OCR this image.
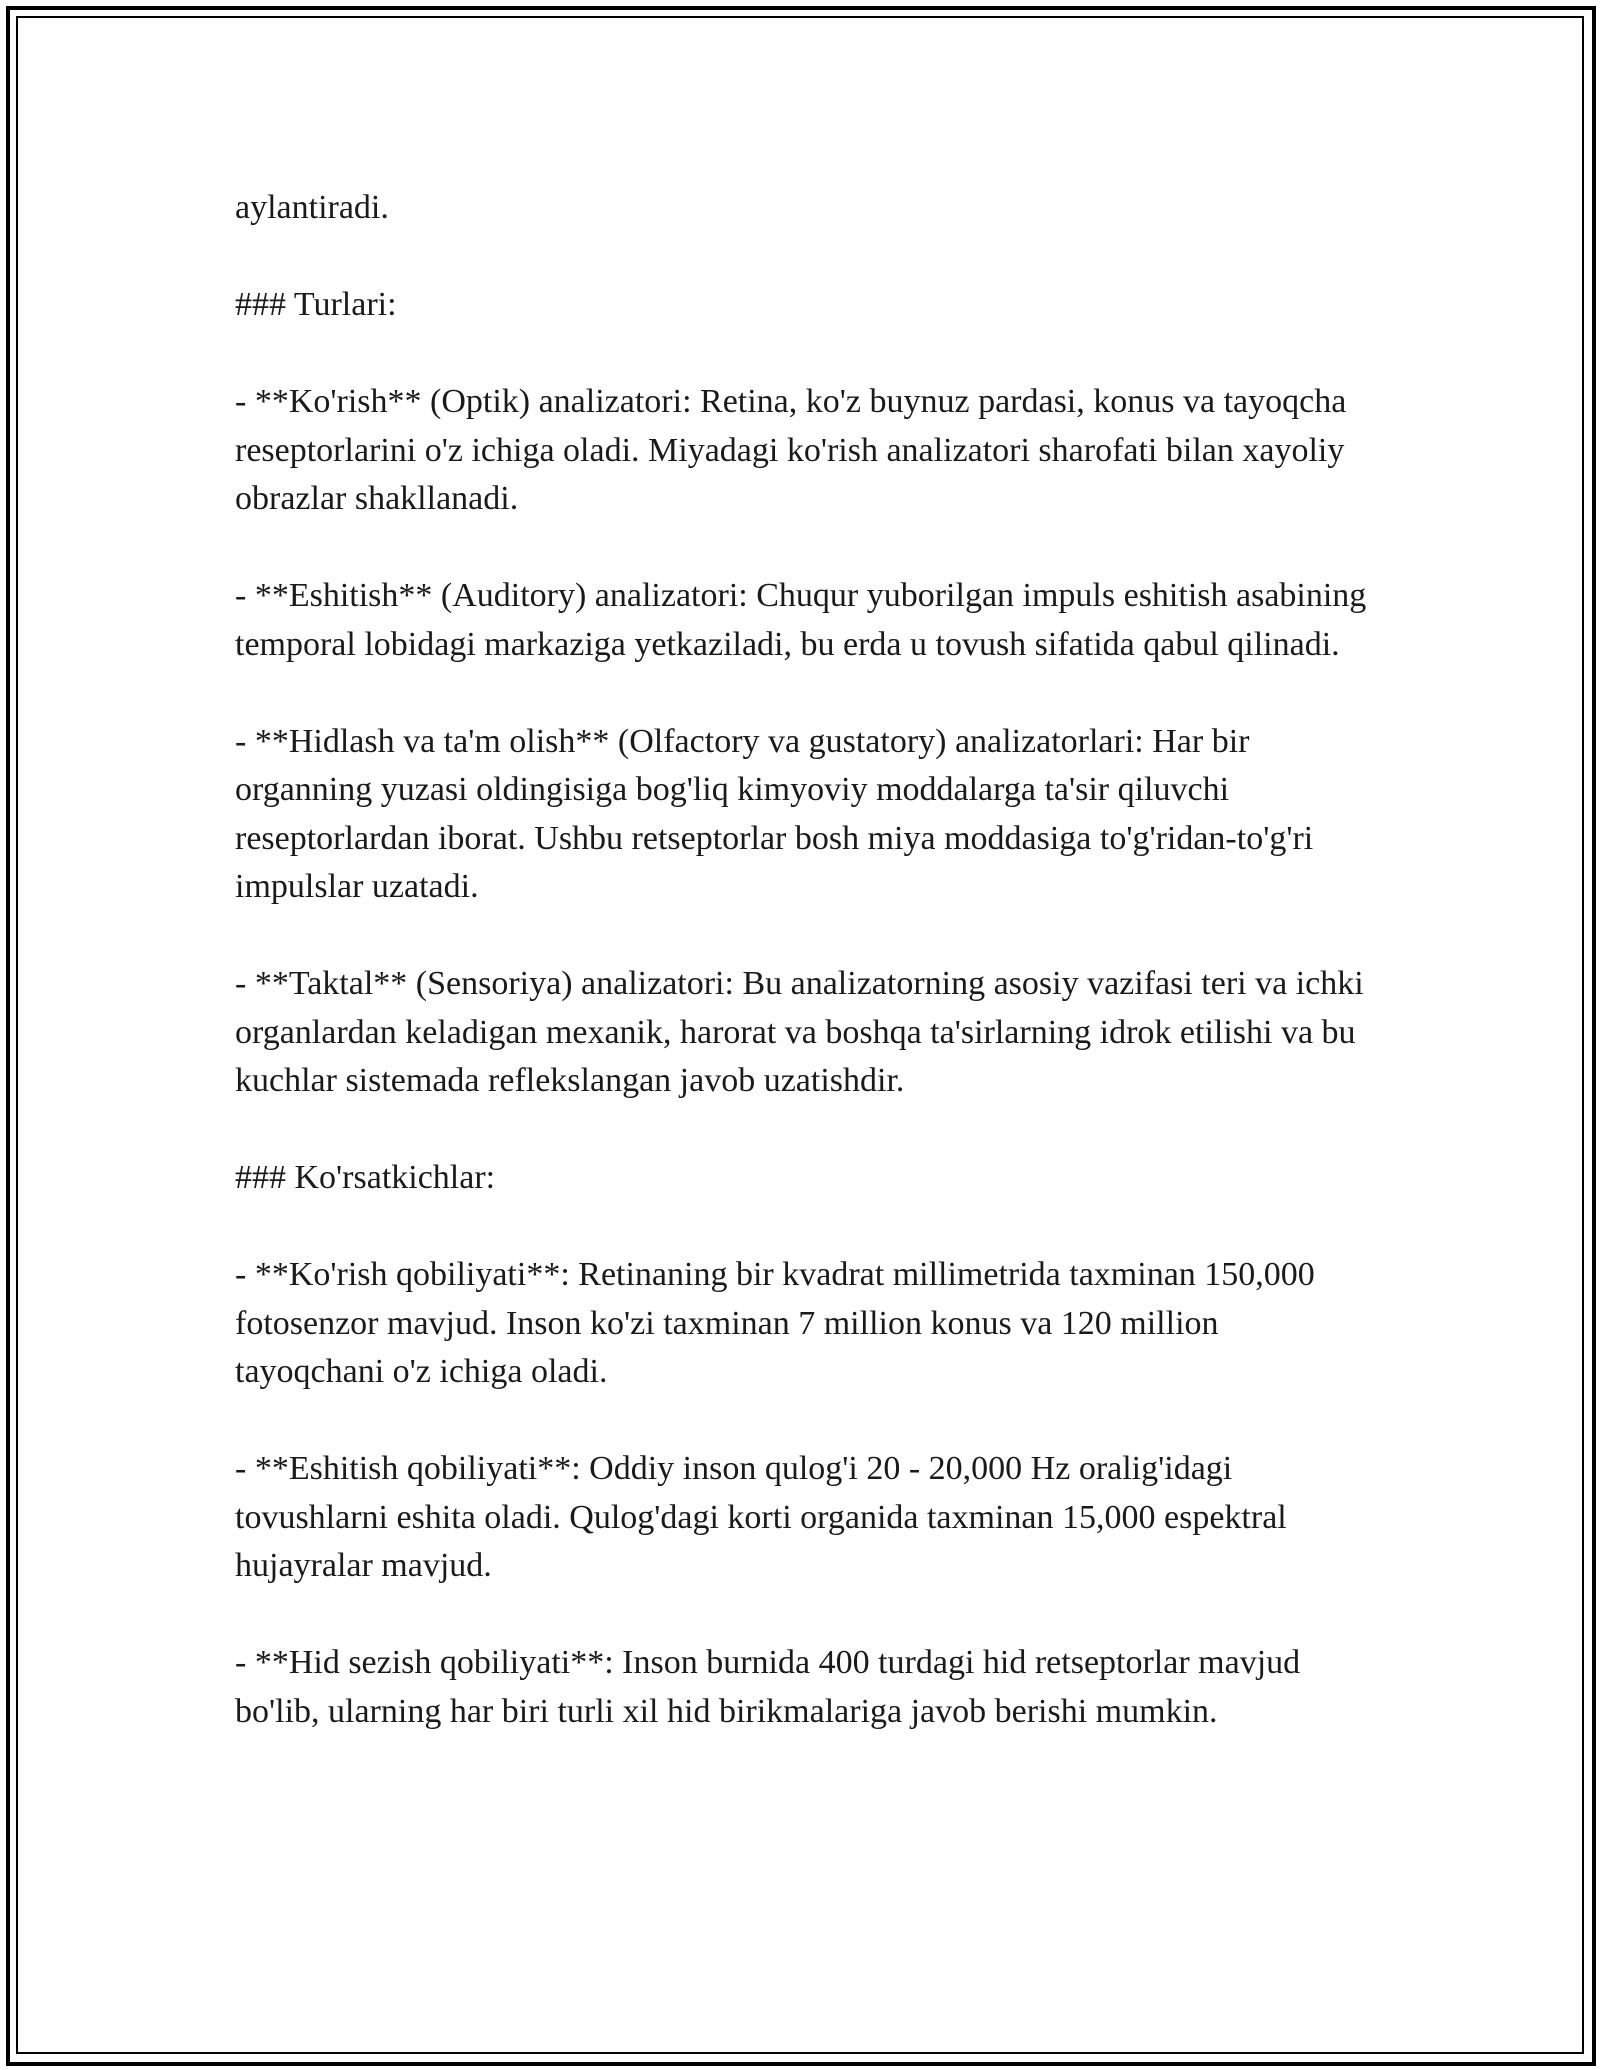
aylantiradi.

### Turlari:

- **Ko'rish** (Optik) analizatori: Retina, ko'z buynuz pardasi, konus va tayoqcha reseptorlarini o'z ichiga oladi. Miyadagi ko'rish analizatori sharofati bilan xayoliy obrazlar shakllanadi.

- **Eshitish** (Auditory) analizatori: Chuqur yuborilgan impuls eshitish asabining temporal lobidagi markaziga yetkaziladi, bu erda u tovush sifatida qabul qilinadi.

- **Hidlash va ta'm olish** (Olfactory va gustatory) analizatorlari: Har bir organning yuzasi oldingisiga bog'liq kimyoviy moddalarga ta'sir qiluvchi reseptorlardan iborat. Ushbu retseptorlar bosh miya moddasiga to'g'ridan-to'g'ri impulslar uzatadi.

- **Taktal** (Sensoriya) analizatori: Bu analizatorning asosiy vazifasi teri va ichki organlardan keladigan mexanik, harorat va boshqa ta'sirlarning idrok etilishi va bu kuchlar sistemada reflekslangan javob uzatishdir.

### Ko'rsatkichlar:

- **Ko'rish qobiliyati**: Retinaning bir kvadrat millimetrida taxminan 150,000 fotosenzor mavjud. Inson ko'zi taxminan 7 million konus va 120 million tayoqchani o'z ichiga oladi.

- **Eshitish qobiliyati**: Oddiy inson qulog'i 20 - 20,000 Hz oralig'idagi tovushlarni eshita oladi. Qulog'dagi korti organida taxminan 15,000 espektral hujayralar mavjud.

- **Hid sezish qobiliyati**: Inson burnida 400 turdagi hid retseptorlar mavjud bo'lib, ularning har biri turli xil hid birikmalariga javob berishi mumkin.
